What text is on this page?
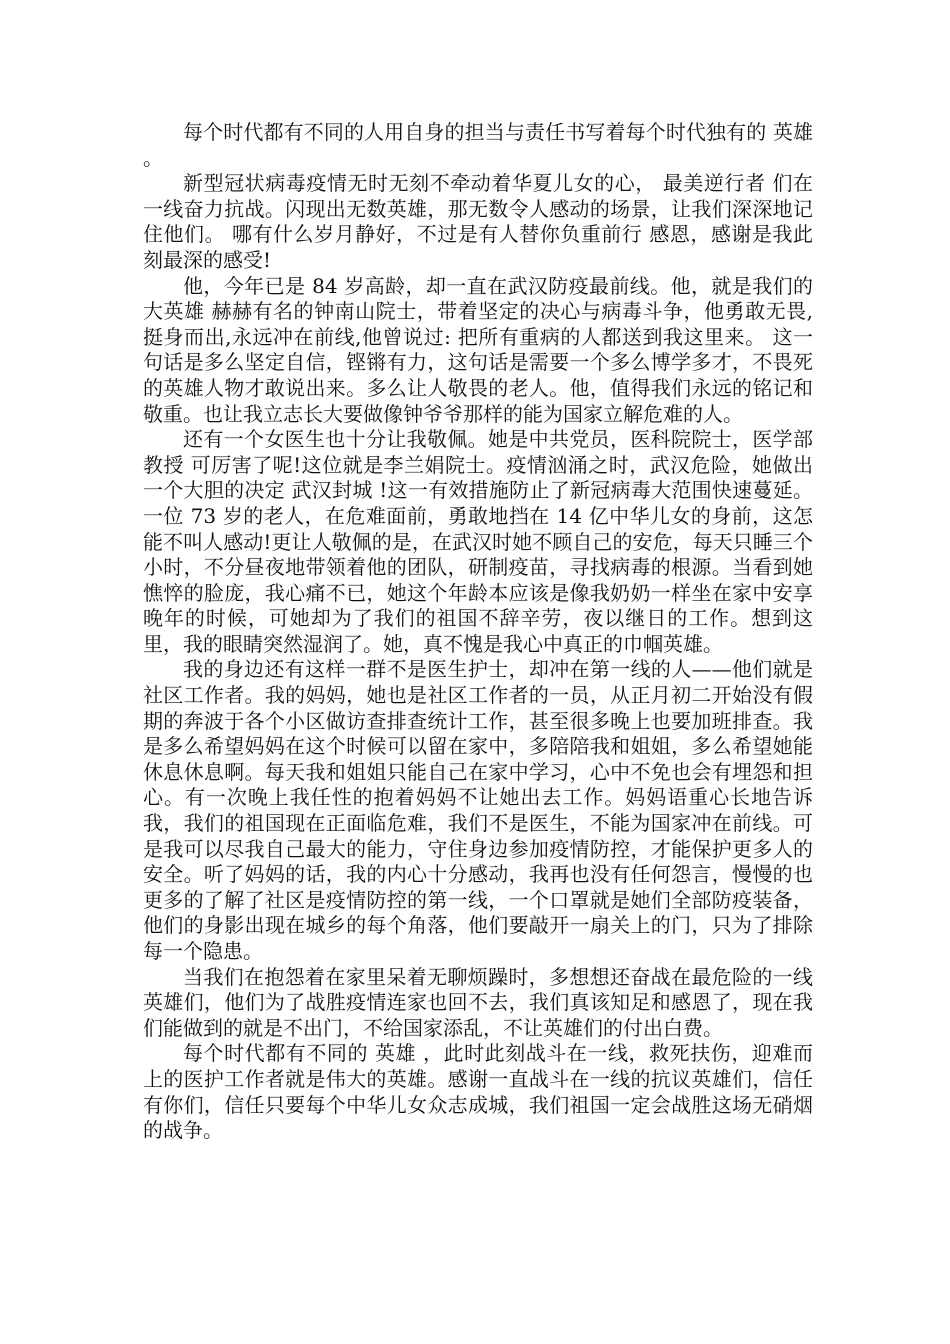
每个时代都有不同的人用自身的担当与责任书写着每个时代独有的 英雄 。

新型冠状病毒疫情无时无刻不牵动着华夏儿女的心， 最美逆行者 们在一线奋力抗战。闪现出无数英雄，那无数令人感动的场景，让我们深深地记住他们。 哪有什么岁月静好，不过是有人替你负重前行 感恩，感谢是我此刻最深的感受!

他，今年已是 84 岁高龄，却一直在武汉防疫最前线。他，就是我们的大英雄 赫赫有名的钟南山院士，带着坚定的决心与病毒斗争，他勇敢无畏,挺身而出,永远冲在前线,他曾说过: 把所有重病的人都送到我这里来。 这一句话是多么坚定自信，铿锵有力，这句话是需要一个多么博学多才，不畏死的英雄人物才敢说出来。多么让人敬畏的老人。他，值得我们永远的铭记和敬重。也让我立志长大要做像钟爷爷那样的能为国家立解危难的人。

还有一个女医生也十分让我敬佩。她是中共党员，医科院院士，医学部教授 可厉害了呢!这位就是李兰娟院士。疫情汹涌之时，武汉危险，她做出一个大胆的决定 武汉封城 !这一有效措施防止了新冠病毒大范围快速蔓延。一位 73 岁的老人，在危难面前，勇敢地挡在 14 亿中华儿女的身前，这怎能不叫人感动!更让人敬佩的是，在武汉时她不顾自己的安危，每天只睡三个小时，不分昼夜地带领着他的团队，研制疫苗，寻找病毒的根源。当看到她憔悴的脸庞，我心痛不已，她这个年龄本应该是像我奶奶一样坐在家中安享晚年的时候，可她却为了我们的祖国不辞辛劳，夜以继日的工作。想到这里，我的眼睛突然湿润了。她，真不愧是我心中真正的巾帼英雄。

我的身边还有这样一群不是医生护士，却冲在第一线的人——他们就是社区工作者。我的妈妈，她也是社区工作者的一员，从正月初二开始没有假期的奔波于各个小区做访查排查统计工作，甚至很多晚上也要加班排查。我是多么希望妈妈在这个时候可以留在家中，多陪陪我和姐姐，多么希望她能休息休息啊。每天我和姐姐只能自己在家中学习，心中不免也会有埋怨和担心。有一次晚上我任性的抱着妈妈不让她出去工作。妈妈语重心长地告诉我，我们的祖国现在正面临危难，我们不是医生，不能为国家冲在前线。可是我可以尽我自己最大的能力，守住身边参加疫情防控，才能保护更多人的安全。听了妈妈的话，我的内心十分感动，我再也没有任何怨言，慢慢的也更多的了解了社区是疫情防控的第一线，一个口罩就是她们全部防疫装备，他们的身影出现在城乡的每个角落，他们要敲开一扇关上的门，只为了排除每一个隐患。

当我们在抱怨着在家里呆着无聊烦躁时，多想想还奋战在最危险的一线英雄们，他们为了战胜疫情连家也回不去，我们真该知足和感恩了，现在我们能做到的就是不出门，不给国家添乱，不让英雄们的付出白费。

每个时代都有不同的 英雄 ，此时此刻战斗在一线，救死扶伤，迎难而上的医护工作者就是伟大的英雄。感谢一直战斗在一线的抗议英雄们，信任有你们，信任只要每个中华儿女众志成城，我们祖国一定会战胜这场无硝烟的战争。
